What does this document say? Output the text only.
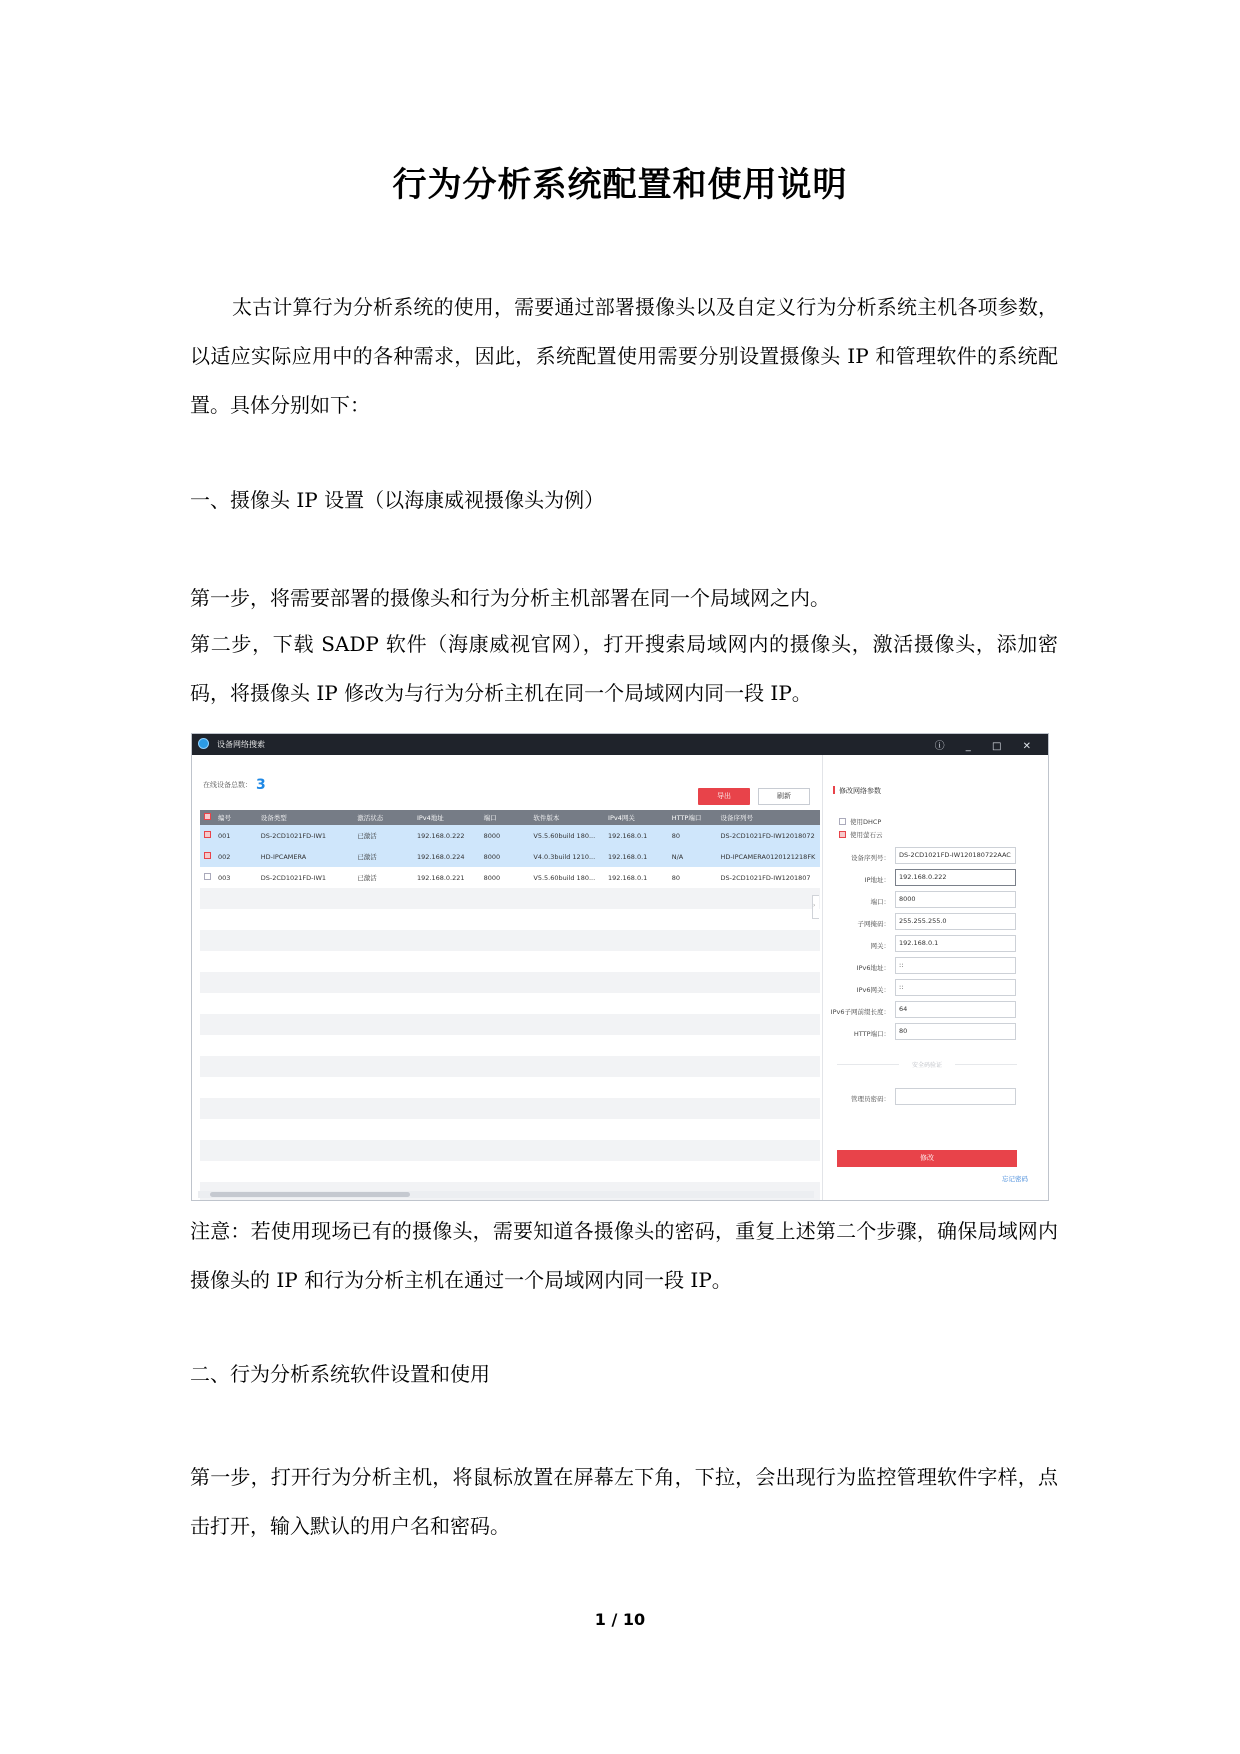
行为分析系统配置和使用说明

太古计算行为分析系统的使用，需要通过部署摄像头以及自定义行为分析系统主机各项参数，以适应实际应用中的各种需求，因此，系统配置使用需要分别设置摄像头 IP 和管理软件的系统配置。具体分别如下：

一、摄像头 IP 设置（以海康威视摄像头为例）

第一步，将需要部署的摄像头和行为分析主机部署在同一个局域网之内。

第二步，下载 SADP 软件（海康威视官网），打开搜索局域网内的摄像头，激活摄像头，添加密码，将摄像头 IP 修改为与行为分析主机在同一个局域网内同一段 IP。

设备网络搜索	ⓘ _ □ ✕
在线设备总数： 3
导出	刷新
编号	设备类型	激活状态	IPv4地址	端口	软件版本	IPv4网关	HTTP端口	设备序列号
001	DS-2CD1021FD-IW1	已激活	192.168.0.222	8000	V5.5.60build 180...	192.168.0.1	80	DS-2CD1021FD-IW12018072
002	HD-IPCAMERA	已激活	192.168.0.224	8000	V4.0.3build 1210...	192.168.0.1	N/A	HD-IPCAMERA0120121218FK
003	DS-2CD1021FD-IW1	已激活	192.168.0.221	8000	V5.5.60build 180...	192.168.0.1	80	DS-2CD1021FD-IW1201807
›
修改网络参数
使用DHCP
使用萤石云
设备序列号：	DS-2CD1021FD-IW120180722AAC
IP地址：	192.168.0.222
端口：	8000
子网掩码：	255.255.255.0
网关：	192.168.0.1
IPv6地址：	::
IPv6网关：	::
IPv6子网前缀长度：	64
HTTP端口：	80
安全码验证
管理员密码：
修改
忘记密码

注意：若使用现场已有的摄像头，需要知道各摄像头的密码，重复上述第二个步骤，确保局域网内摄像头的 IP 和行为分析主机在通过一个局域网内同一段 IP。

二、行为分析系统软件设置和使用

第一步，打开行为分析主机，将鼠标放置在屏幕左下角，下拉，会出现行为监控管理软件字样，点击打开，输入默认的用户名和密码。

1 / 10
